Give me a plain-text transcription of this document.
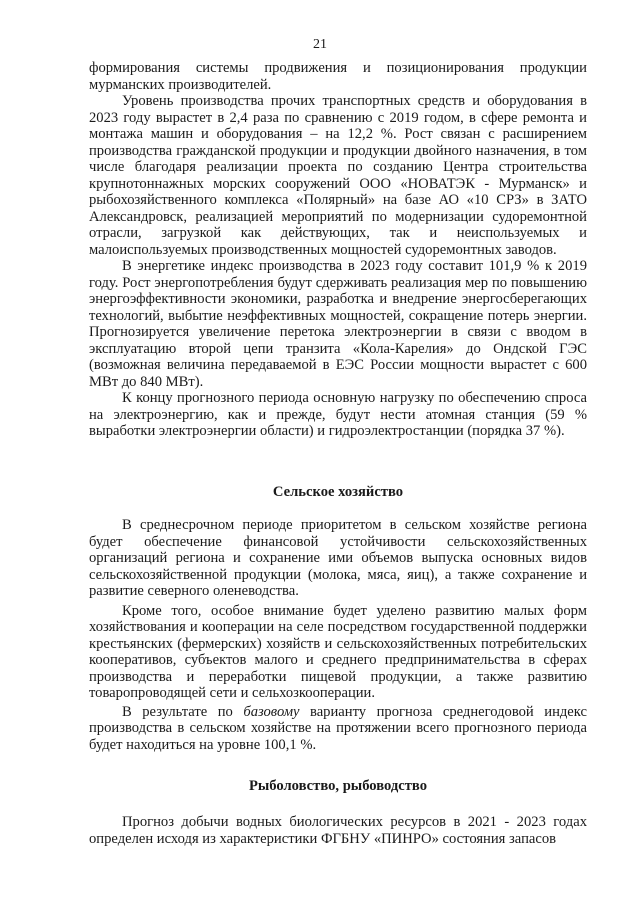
21

формирования системы продвижения и позиционирования продукции мурманских производителей.

Уровень производства прочих транспортных средств и оборудования в 2023 году вырастет в 2,4 раза по сравнению с 2019 годом, в сфере ремонта и монтажа машин и оборудования – на 12,2 %. Рост связан с расширением производства гражданской продукции и продукции двойного назначения, в том числе благодаря реализации проекта по созданию Центра строительства крупнотоннажных морских сооружений ООО «НОВАТЭК - Мурманск» и рыбохозяйственного комплекса «Полярный» на базе АО «10 СРЗ» в ЗАТО Александровск, реализацией мероприятий по модернизации судоремонтной отрасли, загрузкой как действующих, так и неиспользуемых и малоиспользуемых производственных мощностей судоремонтных заводов.

В энергетике индекс производства в 2023 году составит 101,9 % к 2019 году. Рост энергопотребления будут сдерживать реализация мер по повышению энергоэффективности экономики, разработка и внедрение энергосберегающих технологий, выбытие неэффективных мощностей, сокращение потерь энергии. Прогнозируется увеличение перетока электроэнергии в связи с вводом в эксплуатацию второй цепи транзита «Кола-Карелия» до Ондской ГЭС (возможная величина передаваемой в ЕЭС России мощности вырастет с 600 МВт до 840 МВт).

К концу прогнозного периода основную нагрузку по обеспечению спроса на электроэнергию, как и прежде, будут нести атомная станция (59 % выработки электроэнергии области) и гидроэлектростанции (порядка 37 %).

Сельское хозяйство

В среднесрочном периоде приоритетом в сельском хозяйстве региона будет обеспечение финансовой устойчивости сельскохозяйственных организаций региона и сохранение ими объемов выпуска основных видов сельскохозяйственной продукции (молока, мяса, яиц), а также сохранение и развитие северного оленеводства.

Кроме того, особое внимание будет уделено развитию малых форм хозяйствования и кооперации на селе посредством государственной поддержки крестьянских (фермерских) хозяйств и сельскохозяйственных потребительских кооперативов, субъектов малого и среднего предпринимательства в сферах производства и переработки пищевой продукции, а также развитию товаропроводящей сети и сельхозкооперации.

В результате по базовому варианту прогноза среднегодовой индекс производства в сельском хозяйстве на протяжении всего прогнозного периода будет находиться на уровне 100,1 %.

Рыболовство, рыбоводство

Прогноз добычи водных биологических ресурсов в 2021 - 2023 годах определен исходя из характеристики ФГБНУ «ПИНРО» состояния запасов
